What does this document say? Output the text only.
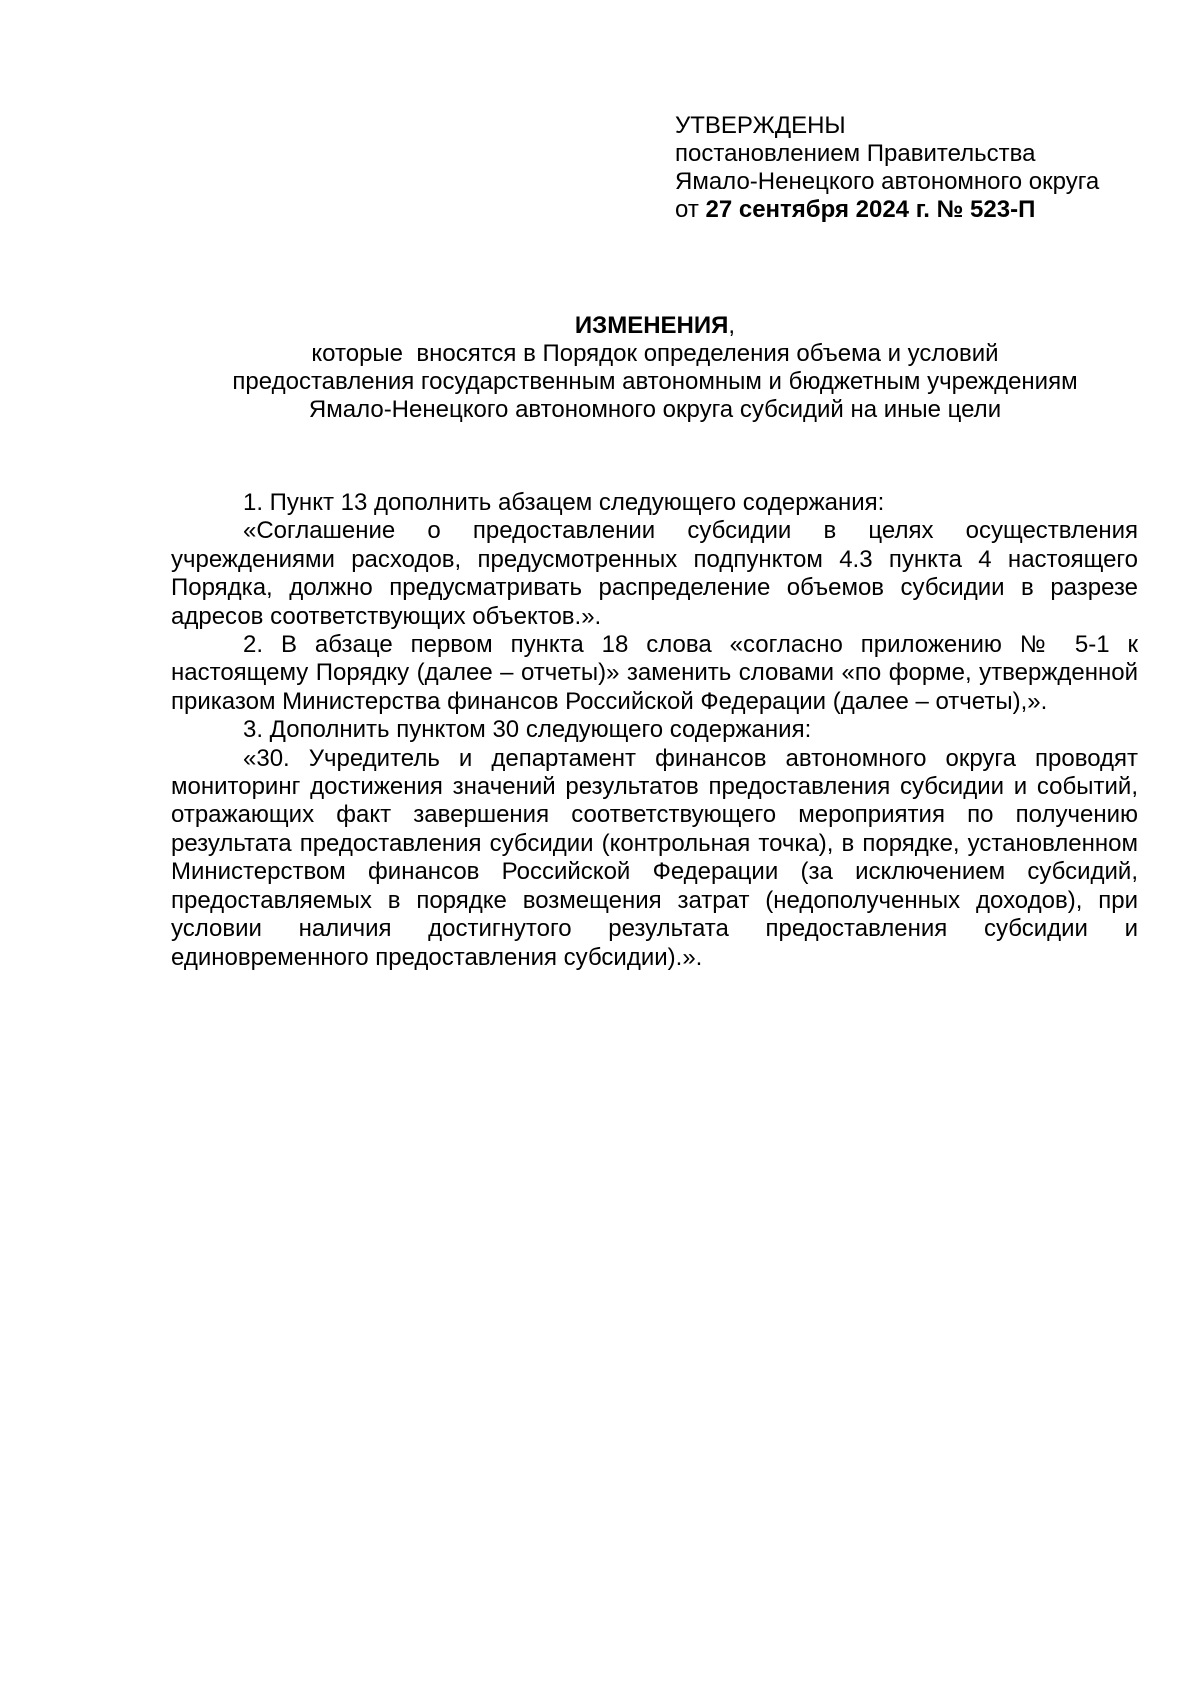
УТВЕРЖДЕНЫ

постановлением Правительства

Ямало-Ненецкого автономного округа

от 27 сентября 2024 г. № 523-П

ИЗМЕНЕНИЯ,

которые  вносятся в Порядок определения объема и условий

предоставления государственным автономным и бюджетным учреждениям

Ямало-Ненецкого автономного округа субсидий на иные цели

1. Пункт 13 дополнить абзацем следующего содержания:

«Соглашение о предоставлении субсидии в целях осуществления учреждениями расходов, предусмотренных подпунктом 4.3 пункта 4 настоящего Порядка, должно предусматривать распределение объемов субсидии в разрезе адресов соответствующих объектов.».

2. В абзаце первом пункта 18 слова «согласно приложению № 5-1 к настоящему Порядку (далее – отчеты)» заменить словами «по форме, утвержденной приказом Министерства финансов Российской Федерации (далее – отчеты),».

3. Дополнить пунктом 30 следующего содержания:

«30. Учредитель и департамент финансов автономного округа проводят мониторинг достижения значений результатов предоставления субсидии и событий, отражающих факт завершения соответствующего мероприятия по получению результата предоставления субсидии (контрольная точка), в порядке, установленном Министерством финансов Российской Федерации (за исключением субсидий, предоставляемых в порядке возмещения затрат (недополученных доходов), при условии наличия достигнутого результата предоставления субсидии и единовременного предоставления субсидии).».
